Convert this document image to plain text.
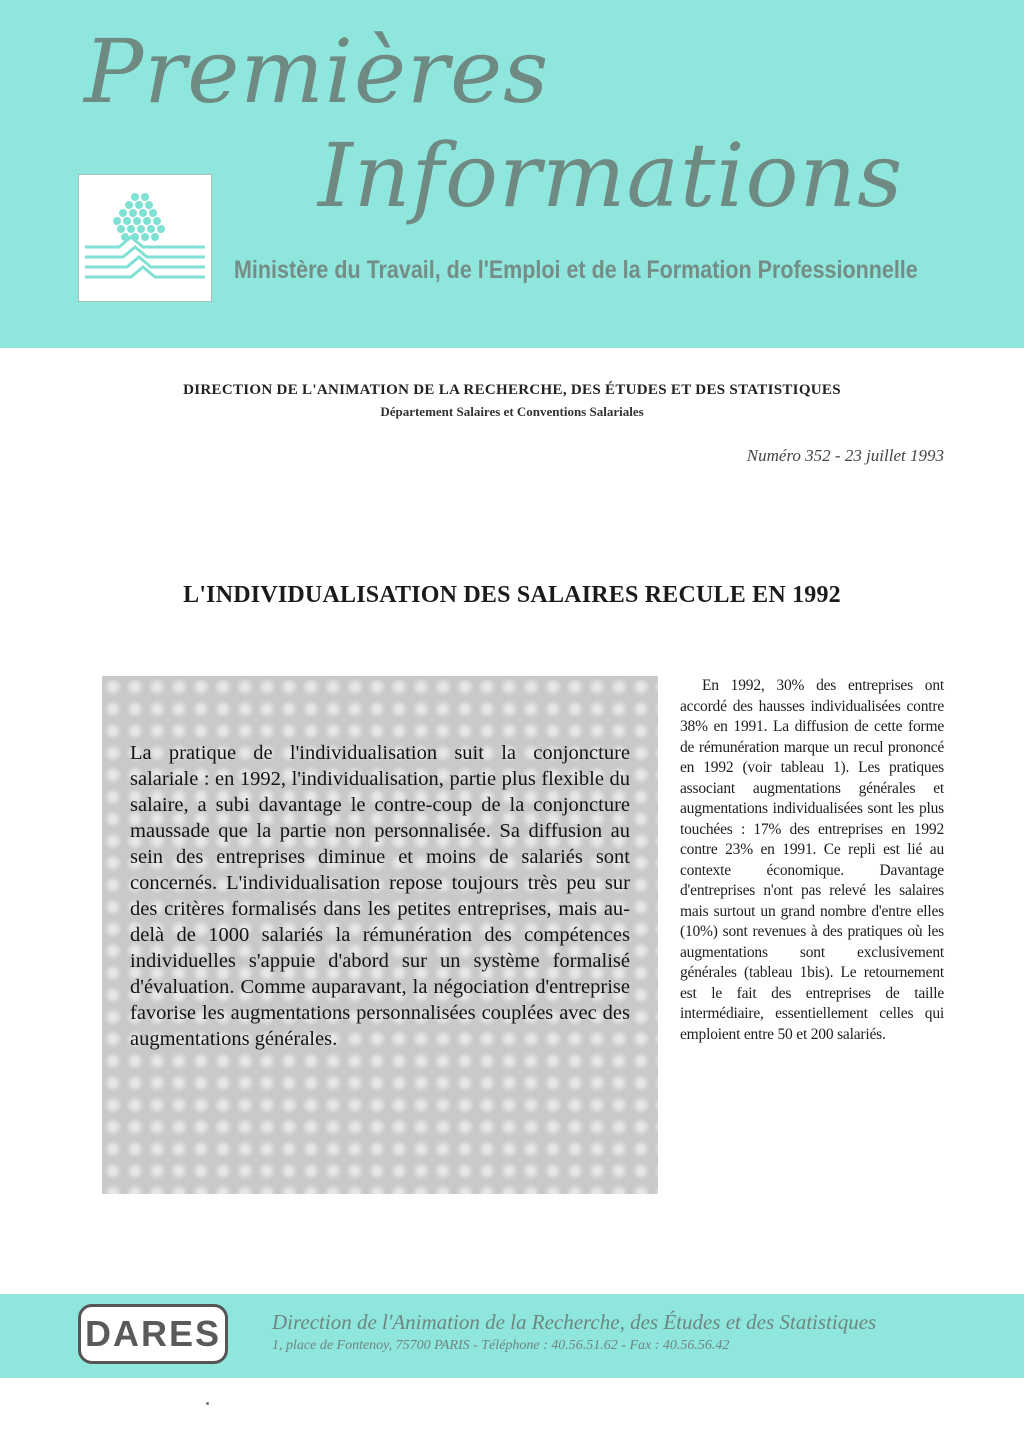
Premières
Informations
Ministère du Travail, de l'Emploi et de la Formation Professionnelle
DIRECTION DE L'ANIMATION DE LA RECHERCHE, DES ÉTUDES ET DES STATISTIQUES
Département Salaires et Conventions Salariales
Numéro 352 - 23 juillet 1993
L'INDIVIDUALISATION DES SALAIRES RECULE EN 1992
La pratique de l'individualisation suit la conjoncture salariale : en 1992, l'individualisation, partie plus flexible du salaire, a subi davantage le contre-coup de la conjoncture maussade que la partie non personnalisée. Sa diffusion au sein des entreprises diminue et moins de salariés sont concernés. L'individualisation repose toujours très peu sur des critères formalisés dans les petites entreprises, mais au-delà de 1000 salariés la rémunération des compétences individuelles s'appuie d'abord sur un système formalisé d'évaluation. Comme auparavant, la négociation d'entreprise favorise les augmentations personnalisées couplées avec des augmentations générales.
En 1992, 30% des entreprises ont accordé des hausses individualisées contre 38% en 1991. La diffusion de cette forme de rémunération marque un recul prononcé en 1992 (voir tableau 1). Les pratiques associant augmentations générales et augmentations individualisées sont les plus touchées : 17% des entreprises en 1992 contre 23% en 1991. Ce repli est lié au contexte économique. Davantage d'entreprises n'ont pas relevé les salaires mais surtout un grand nombre d'entre elles (10%) sont revenues à des pratiques où les augmentations sont exclusivement générales (tableau 1bis). Le retournement est le fait des entreprises de taille intermédiaire, essentiellement celles qui emploient entre 50 et 200 salariés.
DARES	Direction de l'Animation de la Recherche, des Études et des Statistiques
1, place de Fontenoy, 75700 PARIS - Téléphone : 40.56.51.62 - Fax : 40.56.56.42
